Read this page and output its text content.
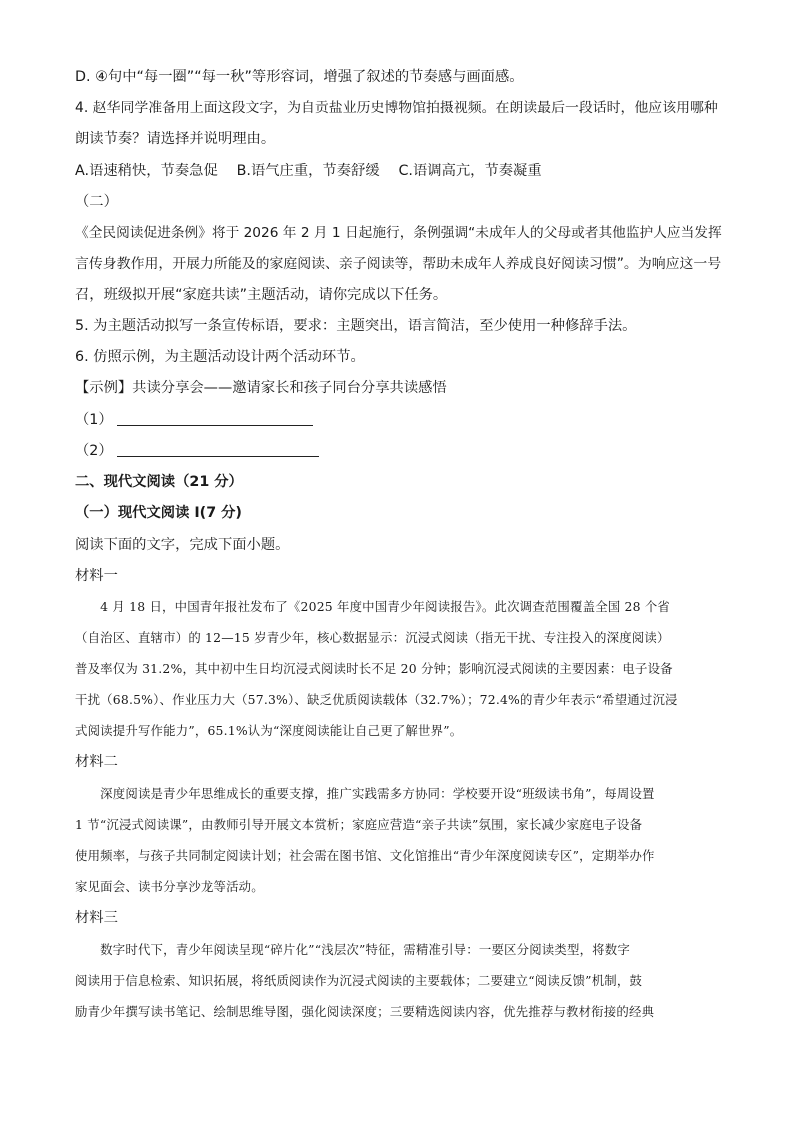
D. ④句中“每一圈”“每一秋”等形容词，增强了叙述的节奏感与画面感。
4. 赵华同学准备用上面这段文字，为自贡盐业历史博物馆拍摄视频。在朗读最后一段话时，他应该用哪种
朗读节奏？请选择并说明理由。
A.语速稍快，节奏急促　 B.语气庄重，节奏舒缓　 C.语调高亢，节奏凝重
（二）
《全民阅读促进条例》将于 2026 年 2 月 1 日起施行，条例强调“未成年人的父母或者其他监护人应当发挥
言传身教作用，开展力所能及的家庭阅读、亲子阅读等，帮助未成年人养成良好阅读习惯”。为响应这一号
召，班级拟开展“家庭共读”主题活动，请你完成以下任务。
5. 为主题活动拟写一条宣传标语，要求：主题突出，语言简洁，至少使用一种修辞手法。
6. 仿照示例，为主题活动设计两个活动环节。
【示例】共读分享会——邀请家长和孩子同台分享共读感悟
（1）
（2）
二、现代文阅读（21 分）
（一）现代文阅读 I(7 分)
阅读下面的文字，完成下面小题。
材料一
　　4 月 18 日，中国青年报社发布了《2025 年度中国青少年阅读报告》。此次调查范围覆盖全国 28 个省
（自治区、直辖市）的 12—15 岁青少年，核心数据显示：沉浸式阅读（指无干扰、专注投入的深度阅读）
普及率仅为 31.2%，其中初中生日均沉浸式阅读时长不足 20 分钟；影响沉浸式阅读的主要因素：电子设备
干扰（68.5%）、作业压力大（57.3%）、缺乏优质阅读载体（32.7%）；72.4%的青少年表示“希望通过沉浸
式阅读提升写作能力”，65.1%认为“深度阅读能让自己更了解世界”。
材料二
　　深度阅读是青少年思维成长的重要支撑，推广实践需多方协同：学校要开设“班级读书角”，每周设置
1 节“沉浸式阅读课”，由教师引导开展文本赏析；家庭应营造“亲子共读”氛围，家长减少家庭电子设备
使用频率，与孩子共同制定阅读计划；社会需在图书馆、文化馆推出“青少年深度阅读专区”，定期举办作
家见面会、读书分享沙龙等活动。
材料三
　　数字时代下，青少年阅读呈现“碎片化”“浅层次”特征，需精准引导：一要区分阅读类型，将数字
阅读用于信息检索、知识拓展，将纸质阅读作为沉浸式阅读的主要载体；二要建立“阅读反馈”机制，鼓
励青少年撰写读书笔记、绘制思维导图，强化阅读深度；三要精选阅读内容，优先推荐与教材衔接的经典
